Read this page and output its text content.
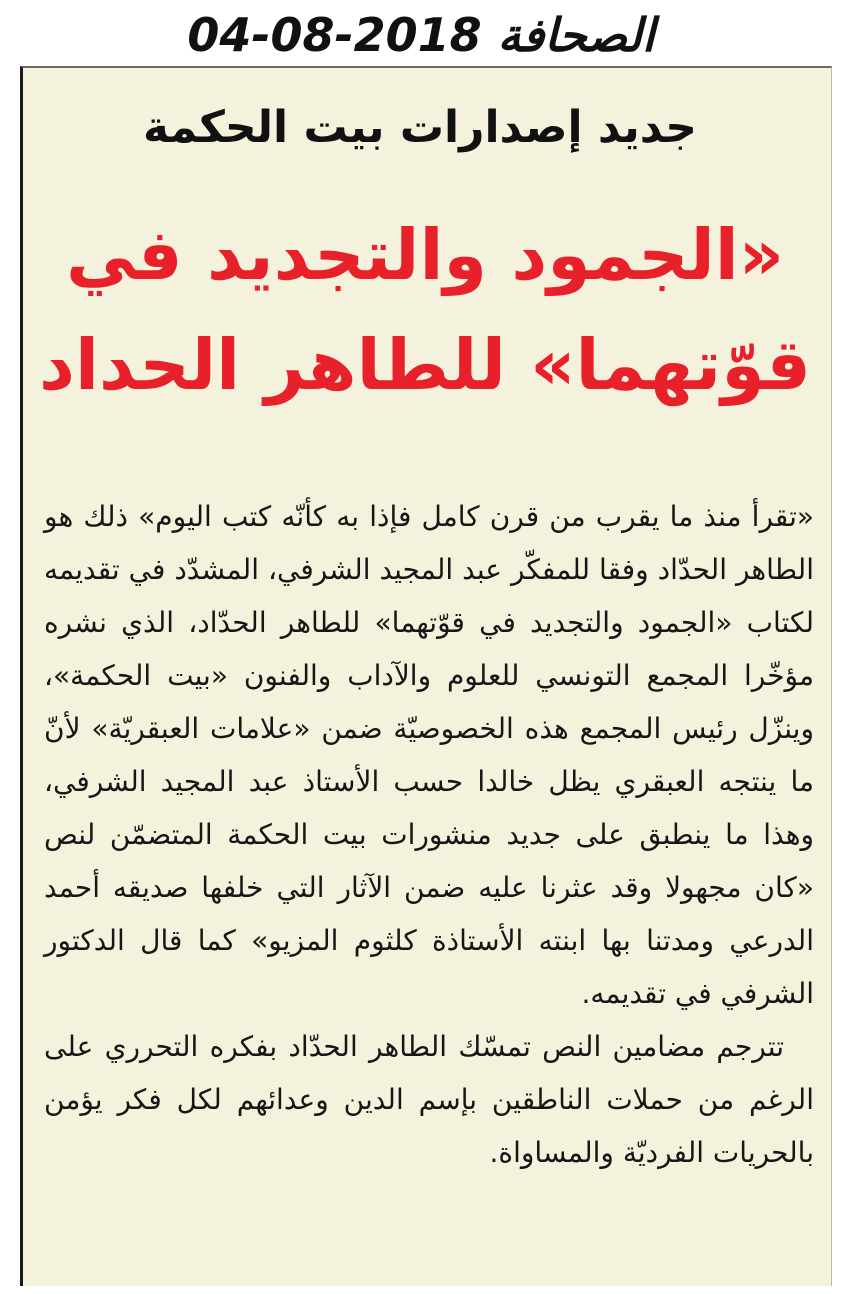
الصحافة 2018-08-04
جديد إصدارات بيت الحكمة
«الجمود والتجديد في
قوّتهما» للطاهر الحداد

«تقرأ منذ ما يقرب من قرن كامل فإذا به كأنّه كتب اليوم» ذلك هو الطاهر الحدّاد وفقا للمفكّر عبد المجيد الشرفي، المشدّد في تقديمه لكتاب «الجمود والتجديد في قوّتهما» للطاهر الحدّاد، الذي نشره مؤخّرا المجمع التونسي للعلوم والآداب والفنون «بيت الحكمة»، وينزّل رئيس المجمع هذه الخصوصيّة ضمن «علامات العبقريّة» لأنّ ما ينتجه العبقري يظل خالدا حسب الأستاذ عبد المجيد الشرفي، وهذا ما ينطبق على جديد منشورات بيت الحكمة المتضمّن لنص «كان مجهولا وقد عثرنا عليه ضمن الآثار التي خلفها صديقه أحمد الدرعي ومدتنا بها ابنته الأستاذة كلثوم المزيو» كما قال الدكتور الشرفي في تقديمه.

تترجم مضامين النص تمسّك الطاهر الحدّاد بفكره التحرري على الرغم من حملات الناطقين بإسم الدين وعدائهم لكل فكر يؤمن بالحريات الفرديّة والمساواة.
